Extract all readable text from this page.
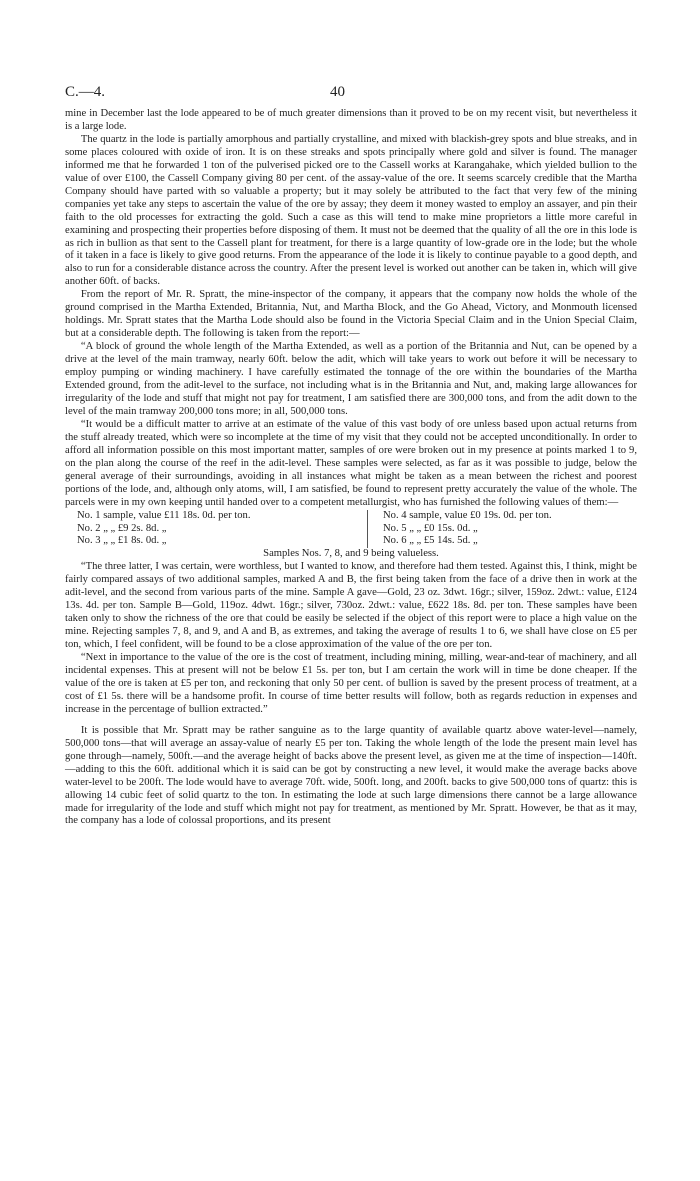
C.—4.	40

mine in December last the lode appeared to be of much greater dimensions than it proved to be on my recent visit, but nevertheless it is a large lode.

The quartz in the lode is partially amorphous and partially crystalline, and mixed with blackish-grey spots and blue streaks, and in some places coloured with oxide of iron. It is on these streaks and spots principally where gold and silver is found. The manager informed me that he forwarded 1 ton of the pulverised picked ore to the Cassell works at Karangahake, which yielded bullion to the value of over £100, the Cassell Company giving 80 per cent. of the assay-value of the ore. It seems scarcely credible that the Martha Company should have parted with so valuable a property; but it may solely be attributed to the fact that very few of the mining companies yet take any steps to ascertain the value of the ore by assay; they deem it money wasted to employ an assayer, and pin their faith to the old processes for extracting the gold. Such a case as this will tend to make mine proprietors a little more careful in examining and prospecting their properties before disposing of them. It must not be deemed that the quality of all the ore in this lode is as rich in bullion as that sent to the Cassell plant for treatment, for there is a large quantity of low-grade ore in the lode; but the whole of it taken in a face is likely to give good returns. From the appearance of the lode it is likely to continue payable to a good depth, and also to run for a considerable distance across the country. After the present level is worked out another can be taken in, which will give another 60ft. of backs.

From the report of Mr. R. Spratt, the mine-inspector of the company, it appears that the company now holds the whole of the ground comprised in the Martha Extended, Britannia, Nut, and Martha Block, and the Go Ahead, Victory, and Monmouth licensed holdings. Mr. Spratt states that the Martha Lode should also be found in the Victoria Special Claim and in the Union Special Claim, but at a considerable depth. The following is taken from the report:—

“A block of ground the whole length of the Martha Extended, as well as a portion of the Britannia and Nut, can be opened by a drive at the level of the main tramway, nearly 60ft. below the adit, which will take years to work out before it will be necessary to employ pumping or winding machinery. I have carefully estimated the tonnage of the ore within the boundaries of the Martha Extended ground, from the adit-level to the surface, not including what is in the Britannia and Nut, and, making large allowances for irregularity of the lode and stuff that might not pay for treatment, I am satisfied there are 300,000 tons, and from the adit down to the level of the main tramway 200,000 tons more; in all, 500,000 tons.

“It would be a difficult matter to arrive at an estimate of the value of this vast body of ore unless based upon actual returns from the stuff already treated, which were so incomplete at the time of my visit that they could not be accepted unconditionally. In order to afford all information possible on this most important matter, samples of ore were broken out in my presence at points marked 1 to 9, on the plan along the course of the reef in the adit-level. These samples were selected, as far as it was possible to judge, below the general average of their surroundings, avoiding in all instances what might be taken as a mean between the richest and poorest portions of the lode, and, although only atoms, will, I am satisfied, be found to represent pretty accurately the value of the whole. The parcels were in my own keeping until handed over to a competent metallurgist, who has furnished the following values of them:—

No. 1 sample, value £11 18s. 0d. per ton.		No. 4 sample, value £0 19s. 0d. per ton.
No. 2 „ „ £9 2s. 8d. „		No. 5 „ „ £0 15s. 0d. „
No. 3 „ „ £1 8s. 0d. „		No. 6 „ „ £5 14s. 5d. „
Samples Nos. 7, 8, and 9 being valueless.

“The three latter, I was certain, were worthless, but I wanted to know, and therefore had them tested. Against this, I think, might be fairly compared assays of two additional samples, marked A and B, the first being taken from the face of a drive then in work at the adit-level, and the second from various parts of the mine. Sample A gave—Gold, 23 oz. 3dwt. 16gr.; silver, 159oz. 2dwt.: value, £124 13s. 4d. per ton. Sample B—Gold, 119oz. 4dwt. 16gr.; silver, 730oz. 2dwt.: value, £622 18s. 8d. per ton. These samples have been taken only to show the richness of the ore that could be easily be selected if the object of this report were to place a high value on the mine. Rejecting samples 7, 8, and 9, and A and B, as extremes, and taking the average of results 1 to 6, we shall have close on £5 per ton, which, I feel confident, will be found to be a close approximation of the value of the ore per ton.

“Next in importance to the value of the ore is the cost of treatment, including mining, milling, wear-and-tear of machinery, and all incidental expenses. This at present will not be below £1 5s. per ton, but I am certain the work will in time be done cheaper. If the value of the ore is taken at £5 per ton, and reckoning that only 50 per cent. of bullion is saved by the present process of treatment, at a cost of £1 5s. there will be a handsome profit. In course of time better results will follow, both as regards reduction in expenses and increase in the percentage of bullion extracted.”

It is possible that Mr. Spratt may be rather sanguine as to the large quantity of available quartz above water-level—namely, 500,000 tons—that will average an assay-value of nearly £5 per ton. Taking the whole length of the lode the present main level has gone through—namely, 500ft.—and the average height of backs above the present level, as given me at the time of inspection—140ft.—adding to this the 60ft. additional which it is said can be got by constructing a new level, it would make the average backs above water-level to be 200ft. The lode would have to average 70ft. wide, 500ft. long, and 200ft. backs to give 500,000 tons of quartz: this is allowing 14 cubic feet of solid quartz to the ton. In estimating the lode at such large dimensions there cannot be a large allowance made for irregularity of the lode and stuff which might not pay for treatment, as mentioned by Mr. Spratt. However, be that as it may, the company has a lode of colossal proportions, and its present
